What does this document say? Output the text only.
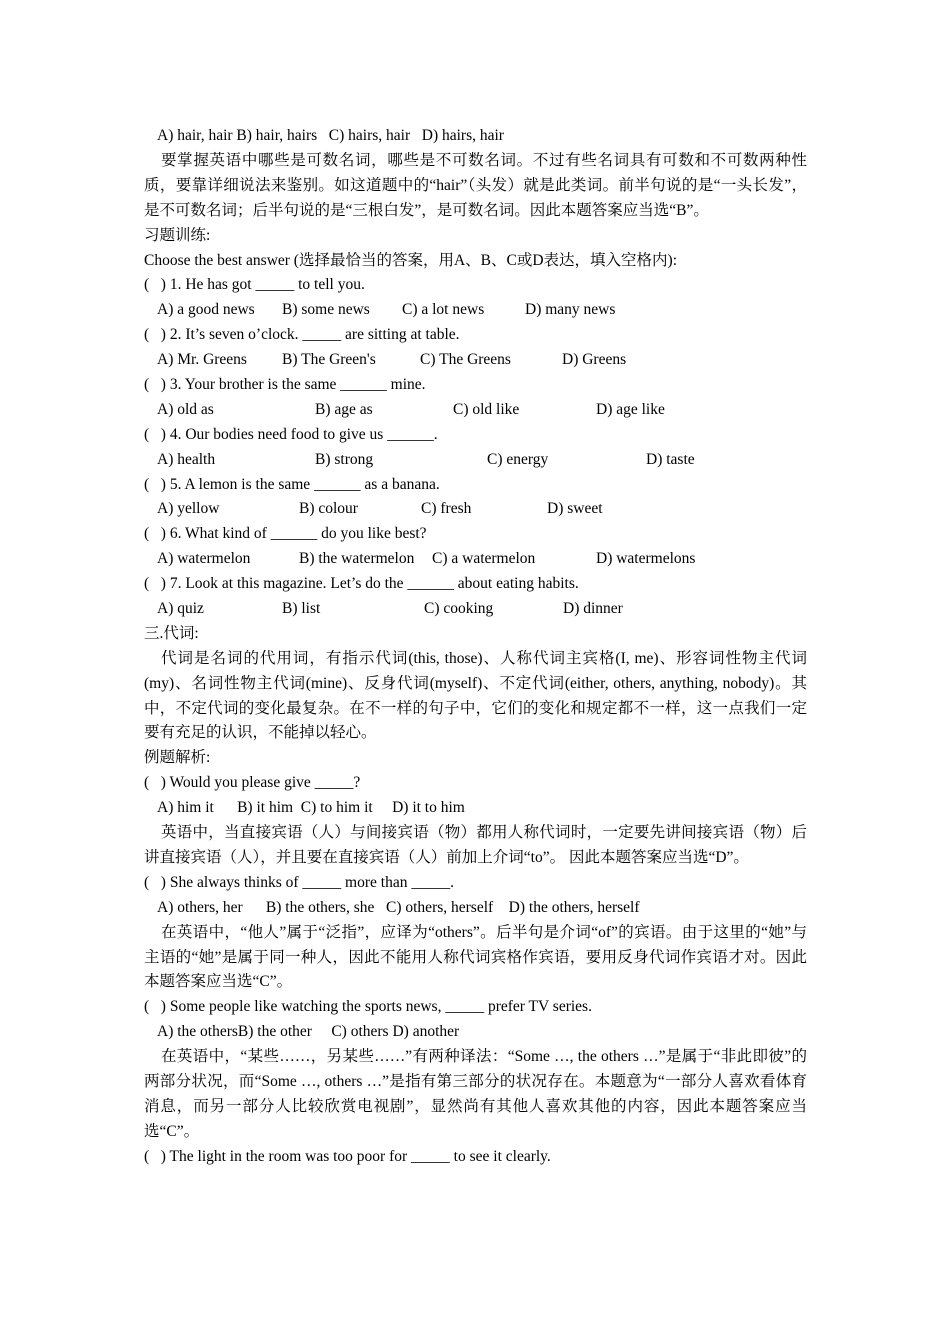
A) hair, hair B) hair, hairs   C) hairs, hair   D) hairs, hair
要掌握英语中哪些是可数名词，哪些是不可数名词。不过有些名词具有可数和不可数两种性质，要靠详细说法来鉴别。如这道题中的“hair”（头发）就是此类词。前半句说的是“一头长发”，是不可数名词；后半句说的是“三根白发”，是可数名词。因此本题答案应当选“B”。
习题训练:
Choose the best answer (选择最恰当的答案，用A、B、C或D表达，填入空格内):
(   ) 1. He has got _____ to tell you.
A) a good news B) some news C) a lot news	D) many news
(   ) 2. It’s seven o’clock. _____ are sitting at table.
A) Mr. Greens B) The Green's	C) The Greens	D) Greens
(   ) 3. Your brother is the same ______ mine.
A) old as	B) age as	C) old like	D) age like
(   ) 4. Our bodies need food to give us ______.
A) health	B) strong	C) energy	D) taste
(   ) 5. A lemon is the same ______ as a banana.
A) yellow	B) colour	C) fresh	D) sweet
(   ) 6. What kind of ______ do you like best?
A) watermelon	B) the watermelon C) a watermelon	D) watermelons
(   ) 7. Look at this magazine. Let’s do the ______ about eating habits.
A) quiz	B) list	C) cooking	D) dinner
三.代词:
代词是名词的代用词，有指示代词(this, those)、人称代词主宾格(I, me)、形容词性物主代词(my)、名词性物主代词(mine)、反身代词(myself)、不定代词(either, others, anything, nobody)。其中，不定代词的变化最复杂。在不一样的句子中，它们的变化和规定都不一样，这一点我们一定要有充足的认识，不能掉以轻心。
例题解析:
(   ) Would you please give _____?
A) him it      B) it him  C) to him it     D) it to him
英语中，当直接宾语（人）与间接宾语（物）都用人称代词时，一定要先讲间接宾语（物）后讲直接宾语（人），并且要在直接宾语（人）前加上介词“to”。 因此本题答案应当选“D”。
(   ) She always thinks of _____ more than _____.
A) others, her      B) the others, she   C) others, herself    D) the others, herself
在英语中，“他人”属于“泛指”，应译为“others”。后半句是介词“of”的宾语。由于这里的“她”与主语的“她”是属于同一种人，因此不能用人称代词宾格作宾语，要用反身代词作宾语才对。因此本题答案应当选“C”。
(   ) Some people like watching the sports news, _____ prefer TV series.
A) the othersB) the other     C) others D) another
在英语中，“某些……，另某些……”有两种译法：“Some …, the others …”是属于“非此即彼”的两部分状况，而“Some …, others …”是指有第三部分的状况存在。本题意为“一部分人喜欢看体育消息，而另一部分人比较欣赏电视剧”，显然尚有其他人喜欢其他的内容，因此本题答案应当选“C”。
(   ) The light in the room was too poor for _____ to see it clearly.
